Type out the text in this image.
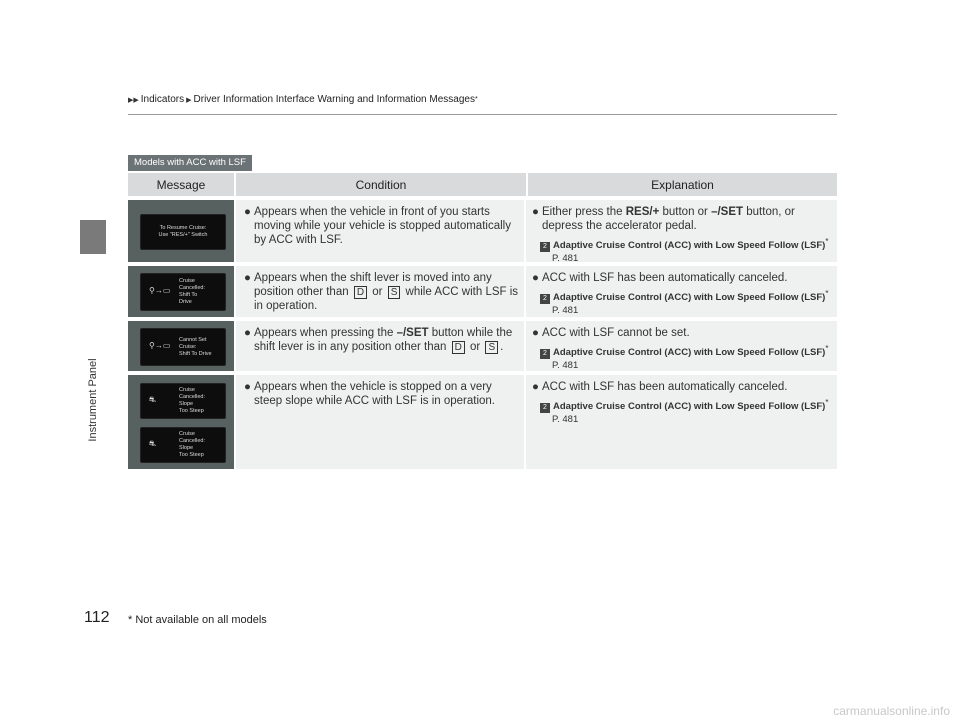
Instrument Panel
▶▶ Indicators ▶ Driver Information Interface Warning and Information Messages *
Models with ACC with LSF
Message	Condition	Explanation
To Resume Cruise:
Use "RES/+" Switch
● Appears when the vehicle in front of you starts moving while your vehicle is stopped automatically by ACC with LSF.
● Either press the RES/+ button or –/SET button, or depress the accelerator pedal.
2 Adaptive Cruise Control (ACC) with Low Speed Follow (LSF)* P. 481
⚲→▭
Cruise
Cancelled:
Shift To
Drive
● Appears when the shift lever is moved into any position other than D or S while ACC with LSF is in operation.
● ACC with LSF has been automatically canceled.
2 Adaptive Cruise Control (ACC) with Low Speed Follow (LSF)* P. 481
⚲→▭
Cannot Set
Cruise:
Shift To Drive
● Appears when pressing the –/SET button while the shift lever is in any position other than D or S .
● ACC with LSF cannot be set.
2 Adaptive Cruise Control (ACC) with Low Speed Follow (LSF)* P. 481
⛐
Cruise
Cancelled:
Slope
Too Steep
⛐
Cruise
Cancelled:
Slope
Too Steep
● Appears when the vehicle is stopped on a very steep slope while ACC with LSF is in operation.
● ACC with LSF has been automatically canceled.
2 Adaptive Cruise Control (ACC) with Low Speed Follow (LSF)* P. 481
112 * Not available on all models
carmanualsonline.info
